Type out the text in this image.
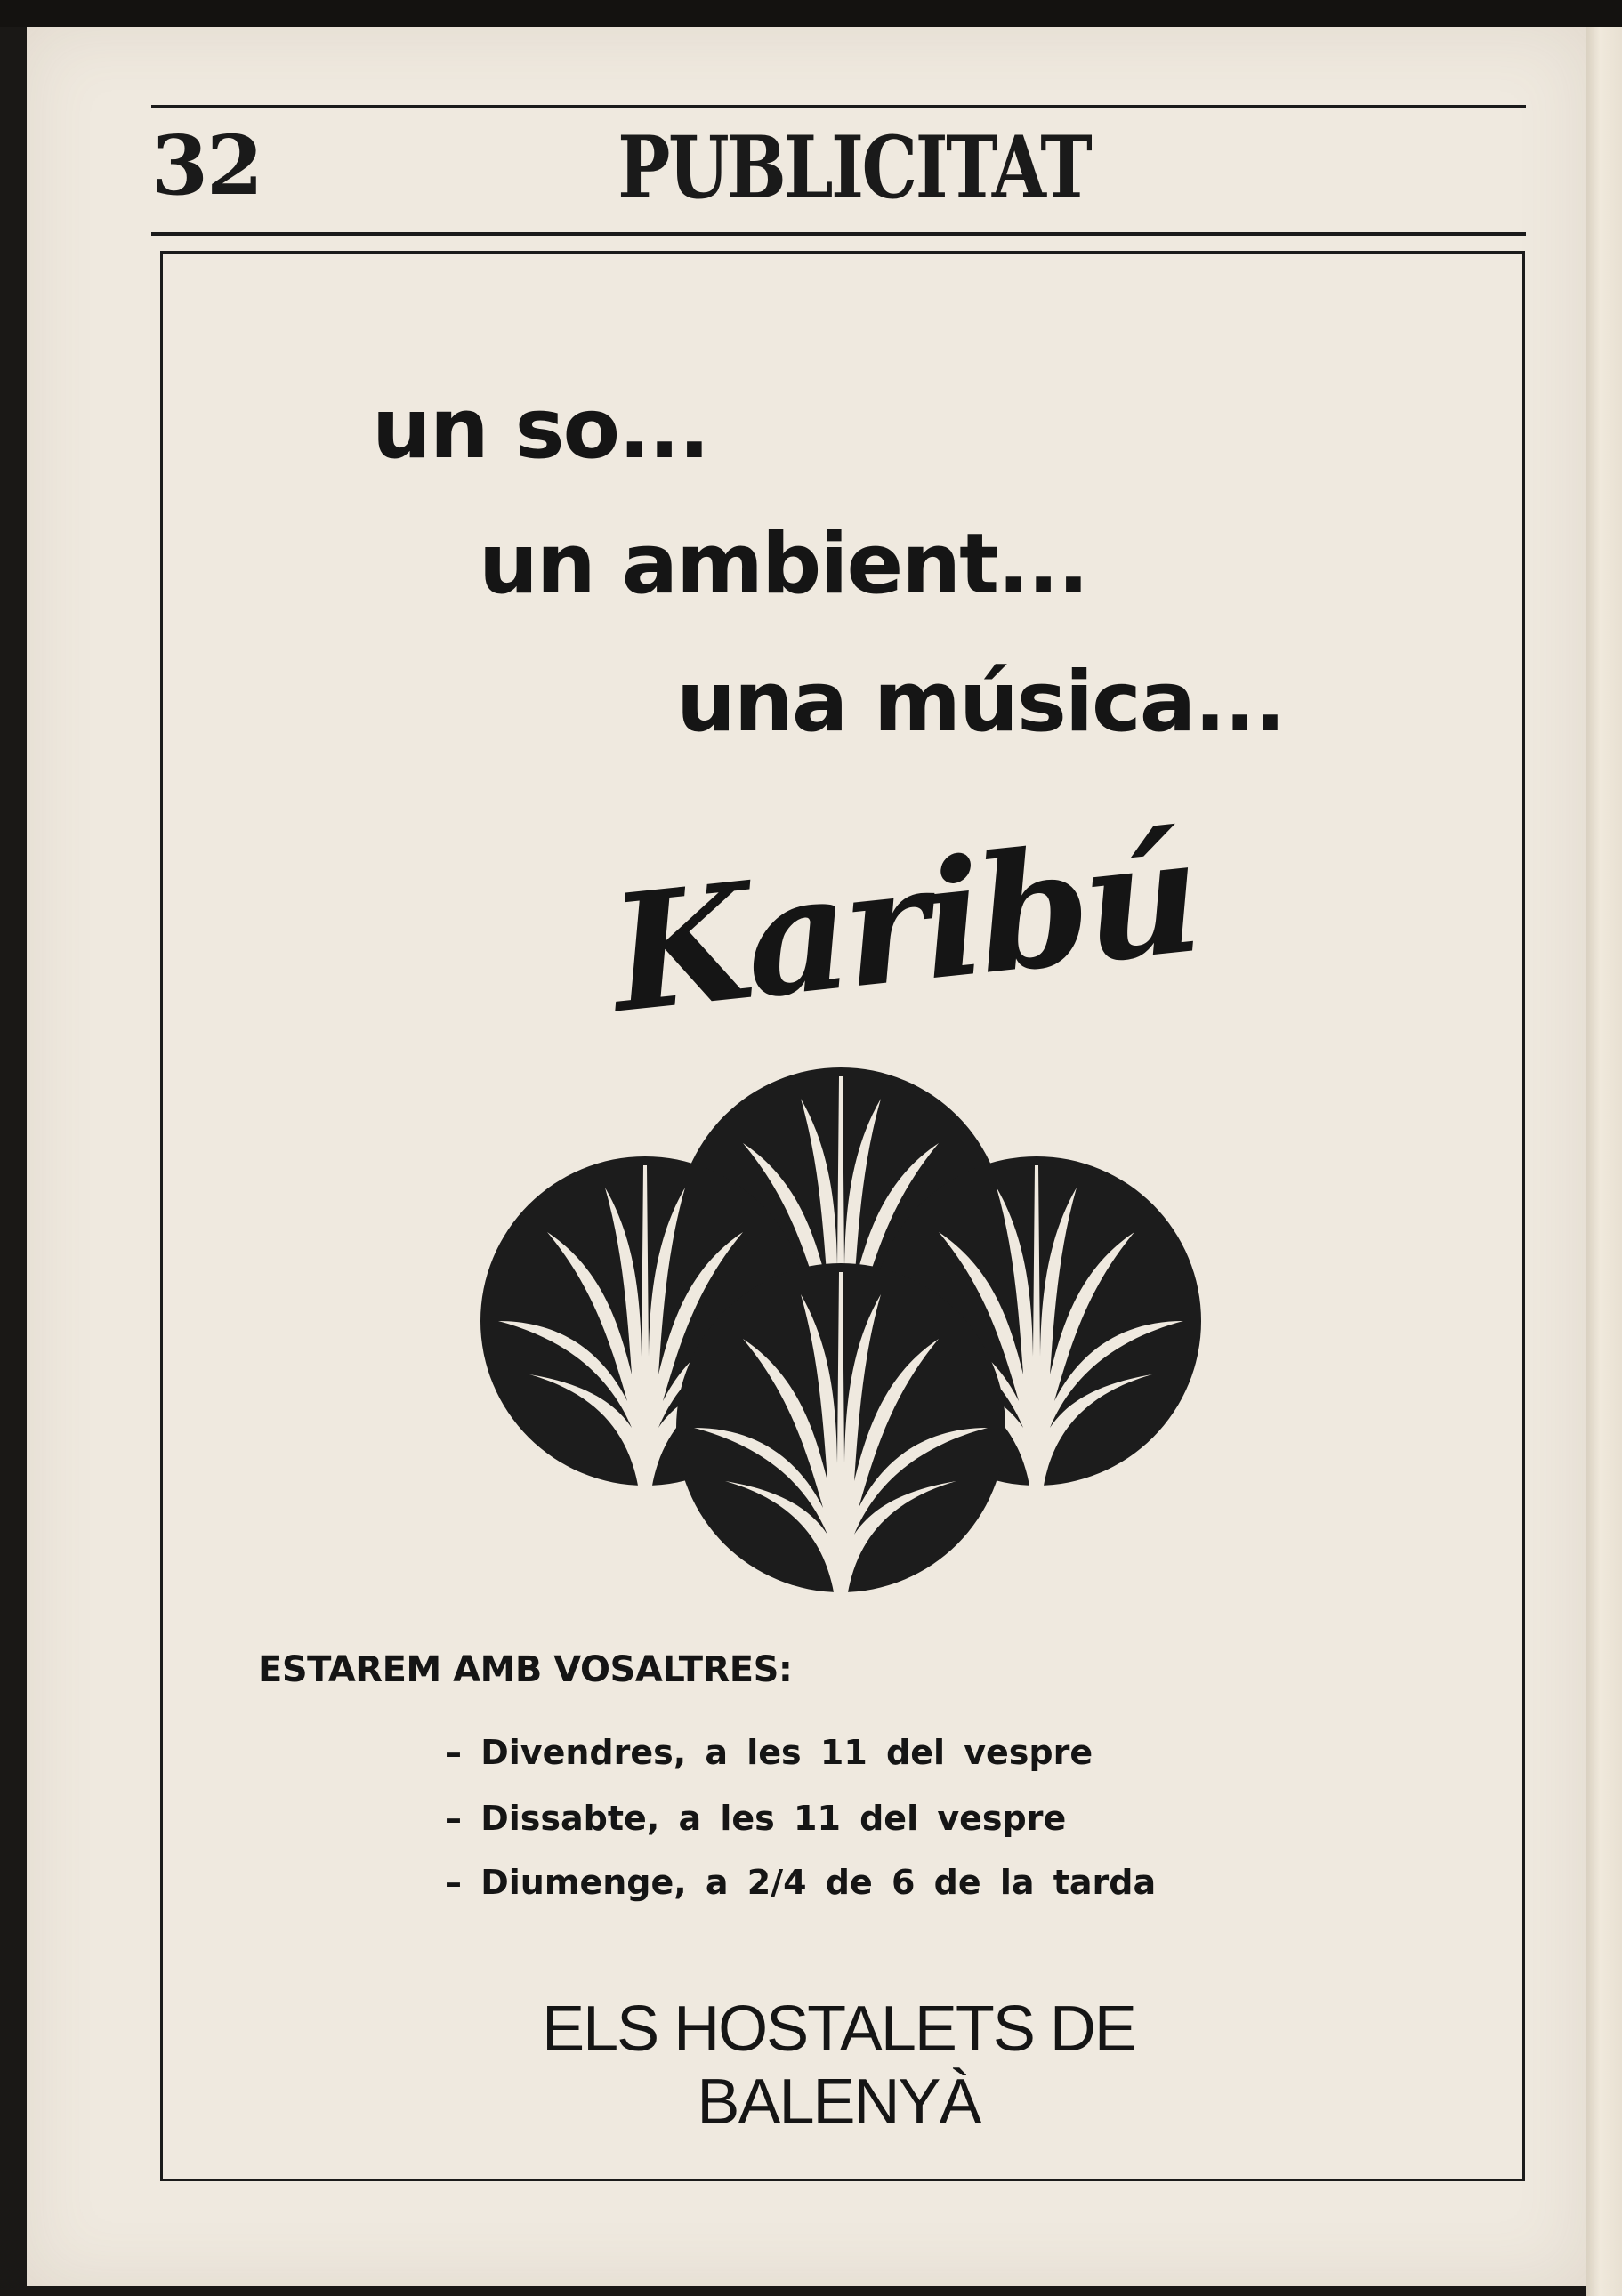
32	PUBLICITAT
un so...
un ambient...
una música...
Karibú
ESTAREM AMB VOSALTRES:
– Divendres, a les 11 del vespre
– Dissabte, a les 11 del vespre
– Diumenge, a 2/4 de 6 de la tarda
ELS HOSTALETS DE BALENYÀ
